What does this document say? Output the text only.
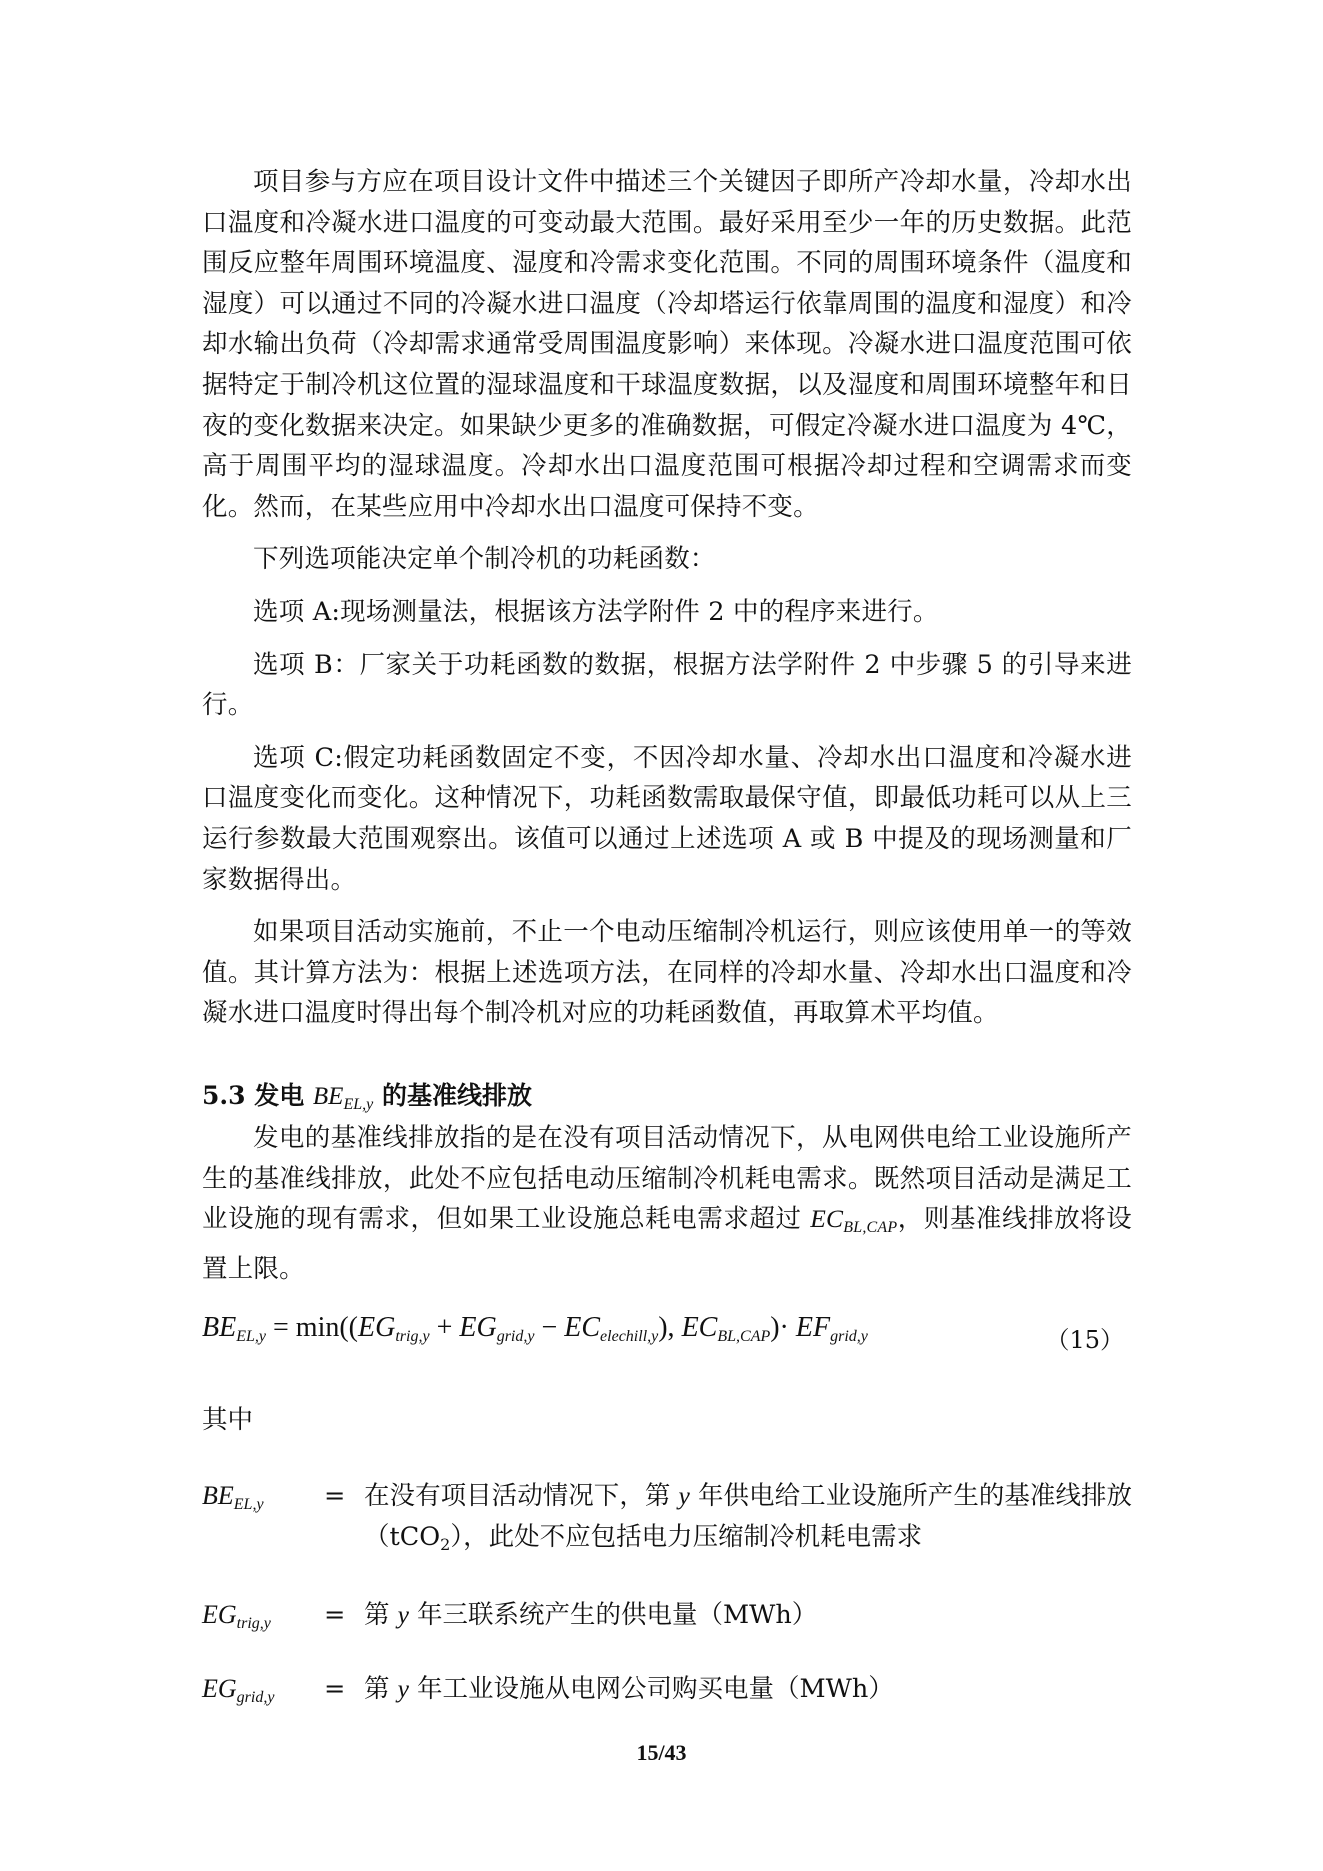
项目参与方应在项目设计文件中描述三个关键因子即所产冷却水量，冷却水出口温度和冷凝水进口温度的可变动最大范围。最好采用至少一年的历史数据。此范围反应整年周围环境温度、湿度和冷需求变化范围。不同的周围环境条件（温度和湿度）可以通过不同的冷凝水进口温度（冷却塔运行依靠周围的温度和湿度）和冷却水输出负荷（冷却需求通常受周围温度影响）来体现。冷凝水进口温度范围可依据特定于制冷机这位置的湿球温度和干球温度数据，以及湿度和周围环境整年和日夜的变化数据来决定。如果缺少更多的准确数据，可假定冷凝水进口温度为 4℃，高于周围平均的湿球温度。冷却水出口温度范围可根据冷却过程和空调需求而变化。然而，在某些应用中冷却水出口温度可保持不变。

下列选项能决定单个制冷机的功耗函数：

选项 A:现场测量法，根据该方法学附件 2 中的程序来进行。

选项 B：厂家关于功耗函数的数据，根据方法学附件 2 中步骤 5 的引导来进行。

选项 C:假定功耗函数固定不变，不因冷却水量、冷却水出口温度和冷凝水进口温度变化而变化。这种情况下，功耗函数需取最保守值，即最低功耗可以从上三运行参数最大范围观察出。该值可以通过上述选项 A 或 B 中提及的现场测量和厂家数据得出。

如果项目活动实施前，不止一个电动压缩制冷机运行，则应该使用单一的等效值。其计算方法为：根据上述选项方法，在同样的冷却水量、冷却水出口温度和冷凝水进口温度时得出每个制冷机对应的功耗函数值，再取算术平均值。

5.3 发电 $BE_{EL,y}$ 的基准线排放

发电的基准线排放指的是在没有项目活动情况下，从电网供电给工业设施所产生的基准线排放，此处不应包括电动压缩制冷机耗电需求。既然项目活动是满足工业设施的现有需求，但如果工业设施总耗电需求超过 $EC_{BL,CAP}$，则基准线排放将设置上限。

$BE_{EL,y} = \min((EG_{trig,y} + EG_{grid,y} - EC_{elechill,y})$, $EC_{BL,CAP})\cdot EF_{grid,y}$	（15）

其中

$BE_{EL,y}$ = 在没有项目活动情况下，第 y 年供电给工业设施所产生的基准线排放（tCO$_2$），此处不应包括电力压缩制冷机耗电需求
$EG_{trig,y}$ = 第 y 年三联系统产生的供电量（MWh）
$EG_{grid,y}$ = 第 y 年工业设施从电网公司购买电量（MWh）
15/43
